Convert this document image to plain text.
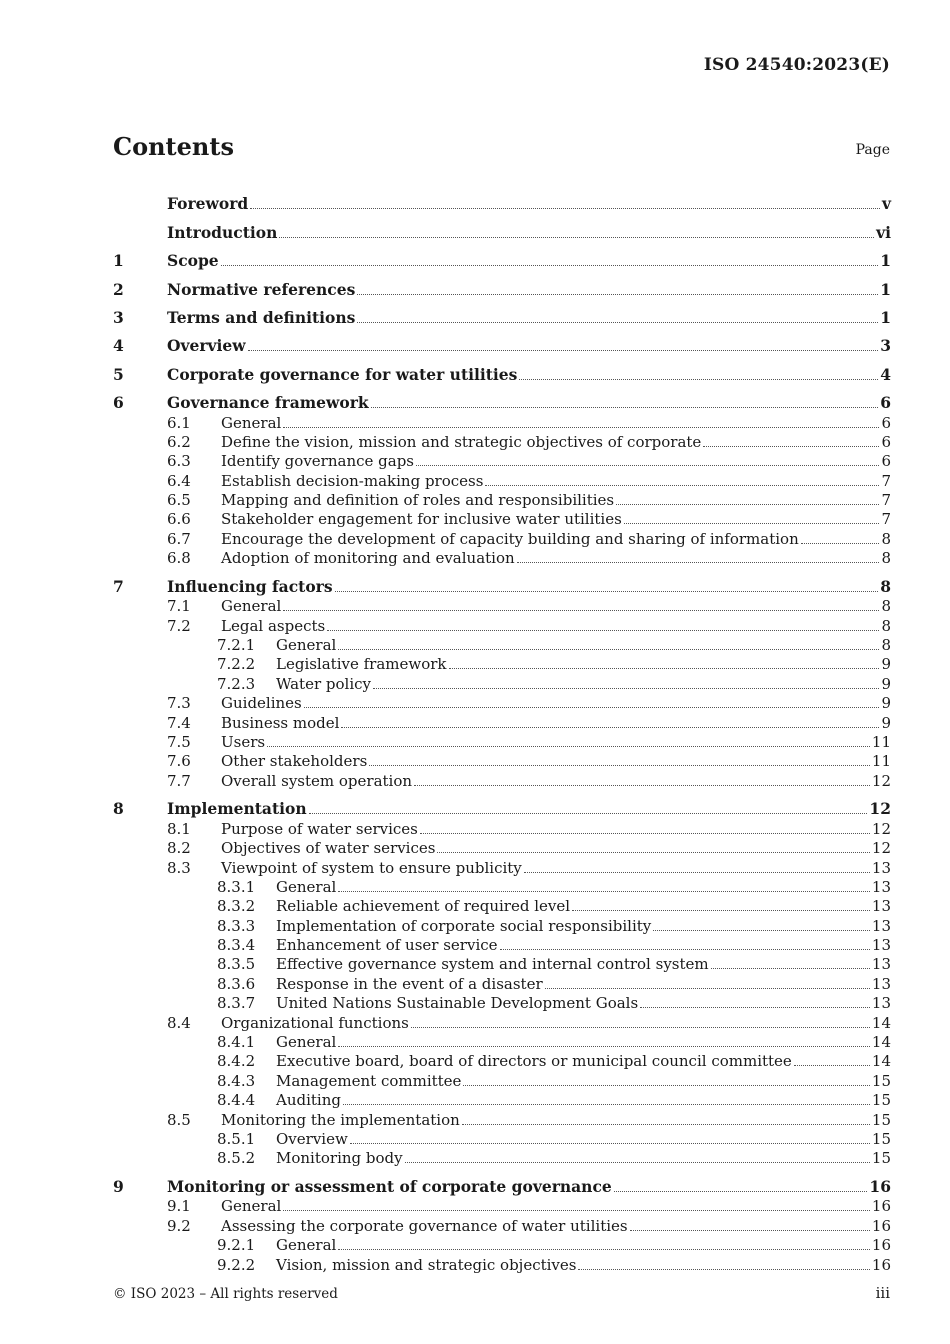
ISO 24540:2023(E)
Contents	Page
Foreword	v
Introduction	vi
1	Scope	1
2	Normative references	1
3	Terms and definitions	1
4	Overview	3
5	Corporate governance for water utilities	4
6	Governance framework	6
6.1	General	6
6.2	Define the vision, mission and strategic objectives of corporate	6
6.3	Identify governance gaps	6
6.4	Establish decision-making process	7
6.5	Mapping and definition of roles and responsibilities	7
6.6	Stakeholder engagement for inclusive water utilities	7
6.7	Encourage the development of capacity building and sharing of information	8
6.8	Adoption of monitoring and evaluation	8
7	Influencing factors	8
7.1	General	8
7.2	Legal aspects	8
7.2.1	General	8
7.2.2	Legislative framework	9
7.2.3	Water policy	9
7.3	Guidelines	9
7.4	Business model	9
7.5	Users	11
7.6	Other stakeholders	11
7.7	Overall system operation	12
8	Implementation	12
8.1	Purpose of water services	12
8.2	Objectives of water services	12
8.3	Viewpoint of system to ensure publicity	13
8.3.1	General	13
8.3.2	Reliable achievement of required level	13
8.3.3	Implementation of corporate social responsibility	13
8.3.4	Enhancement of user service	13
8.3.5	Effective governance system and internal control system	13
8.3.6	Response in the event of a disaster	13
8.3.7	United Nations Sustainable Development Goals	13
8.4	Organizational functions	14
8.4.1	General	14
8.4.2	Executive board, board of directors or municipal council committee	14
8.4.3	Management committee	15
8.4.4	Auditing	15
8.5	Monitoring the implementation	15
8.5.1	Overview	15
8.5.2	Monitoring body	15
9	Monitoring or assessment of corporate governance	16
9.1	General	16
9.2	Assessing the corporate governance of water utilities	16
9.2.1	General	16
9.2.2	Vision, mission and strategic objectives	16
© ISO 2023 – All rights reserved	iii
